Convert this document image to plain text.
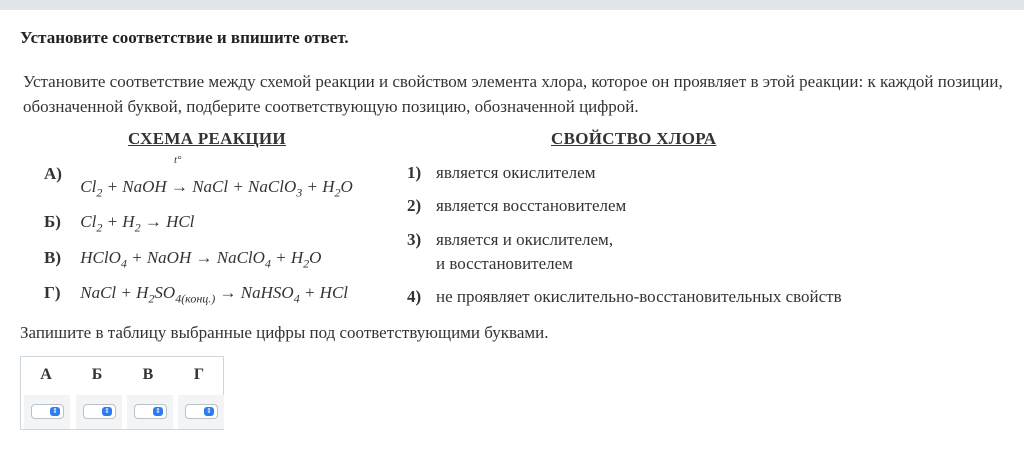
Установите соответствие и впишите ответ.
Установите соответствие между схемой реакции и свойством элемента хлора, которое он проявляет в этой реакции: к каждой позиции, обозначенной буквой, подберите соответствующую позицию, обозначенной цифрой.
СХЕМА РЕАКЦИИ	СВОЙСТВО ХЛОРА
А) $Cl_2$ + NaOH →
t°
NaCl + NaClO$_3$ + $H_2O$
Б) $Cl_2 + H_2$ → HCl
В) HClO$_4$ + NaOH → NaClO$_4$ + $H_2O$
Г) NaCl + $H_2SO_{4(конц.)}$ → NaHSO$_4$ + HCl
1) является окислителем
2) является восстановителем
3) является и окислителем,
и восстановителем
4) не проявляет окислительно-восстановительных свойств
Запишите в таблицу выбранные цифры под соответствующими буквами.
А	Б	В	Г
⇕	⇕	⇕	⇕
